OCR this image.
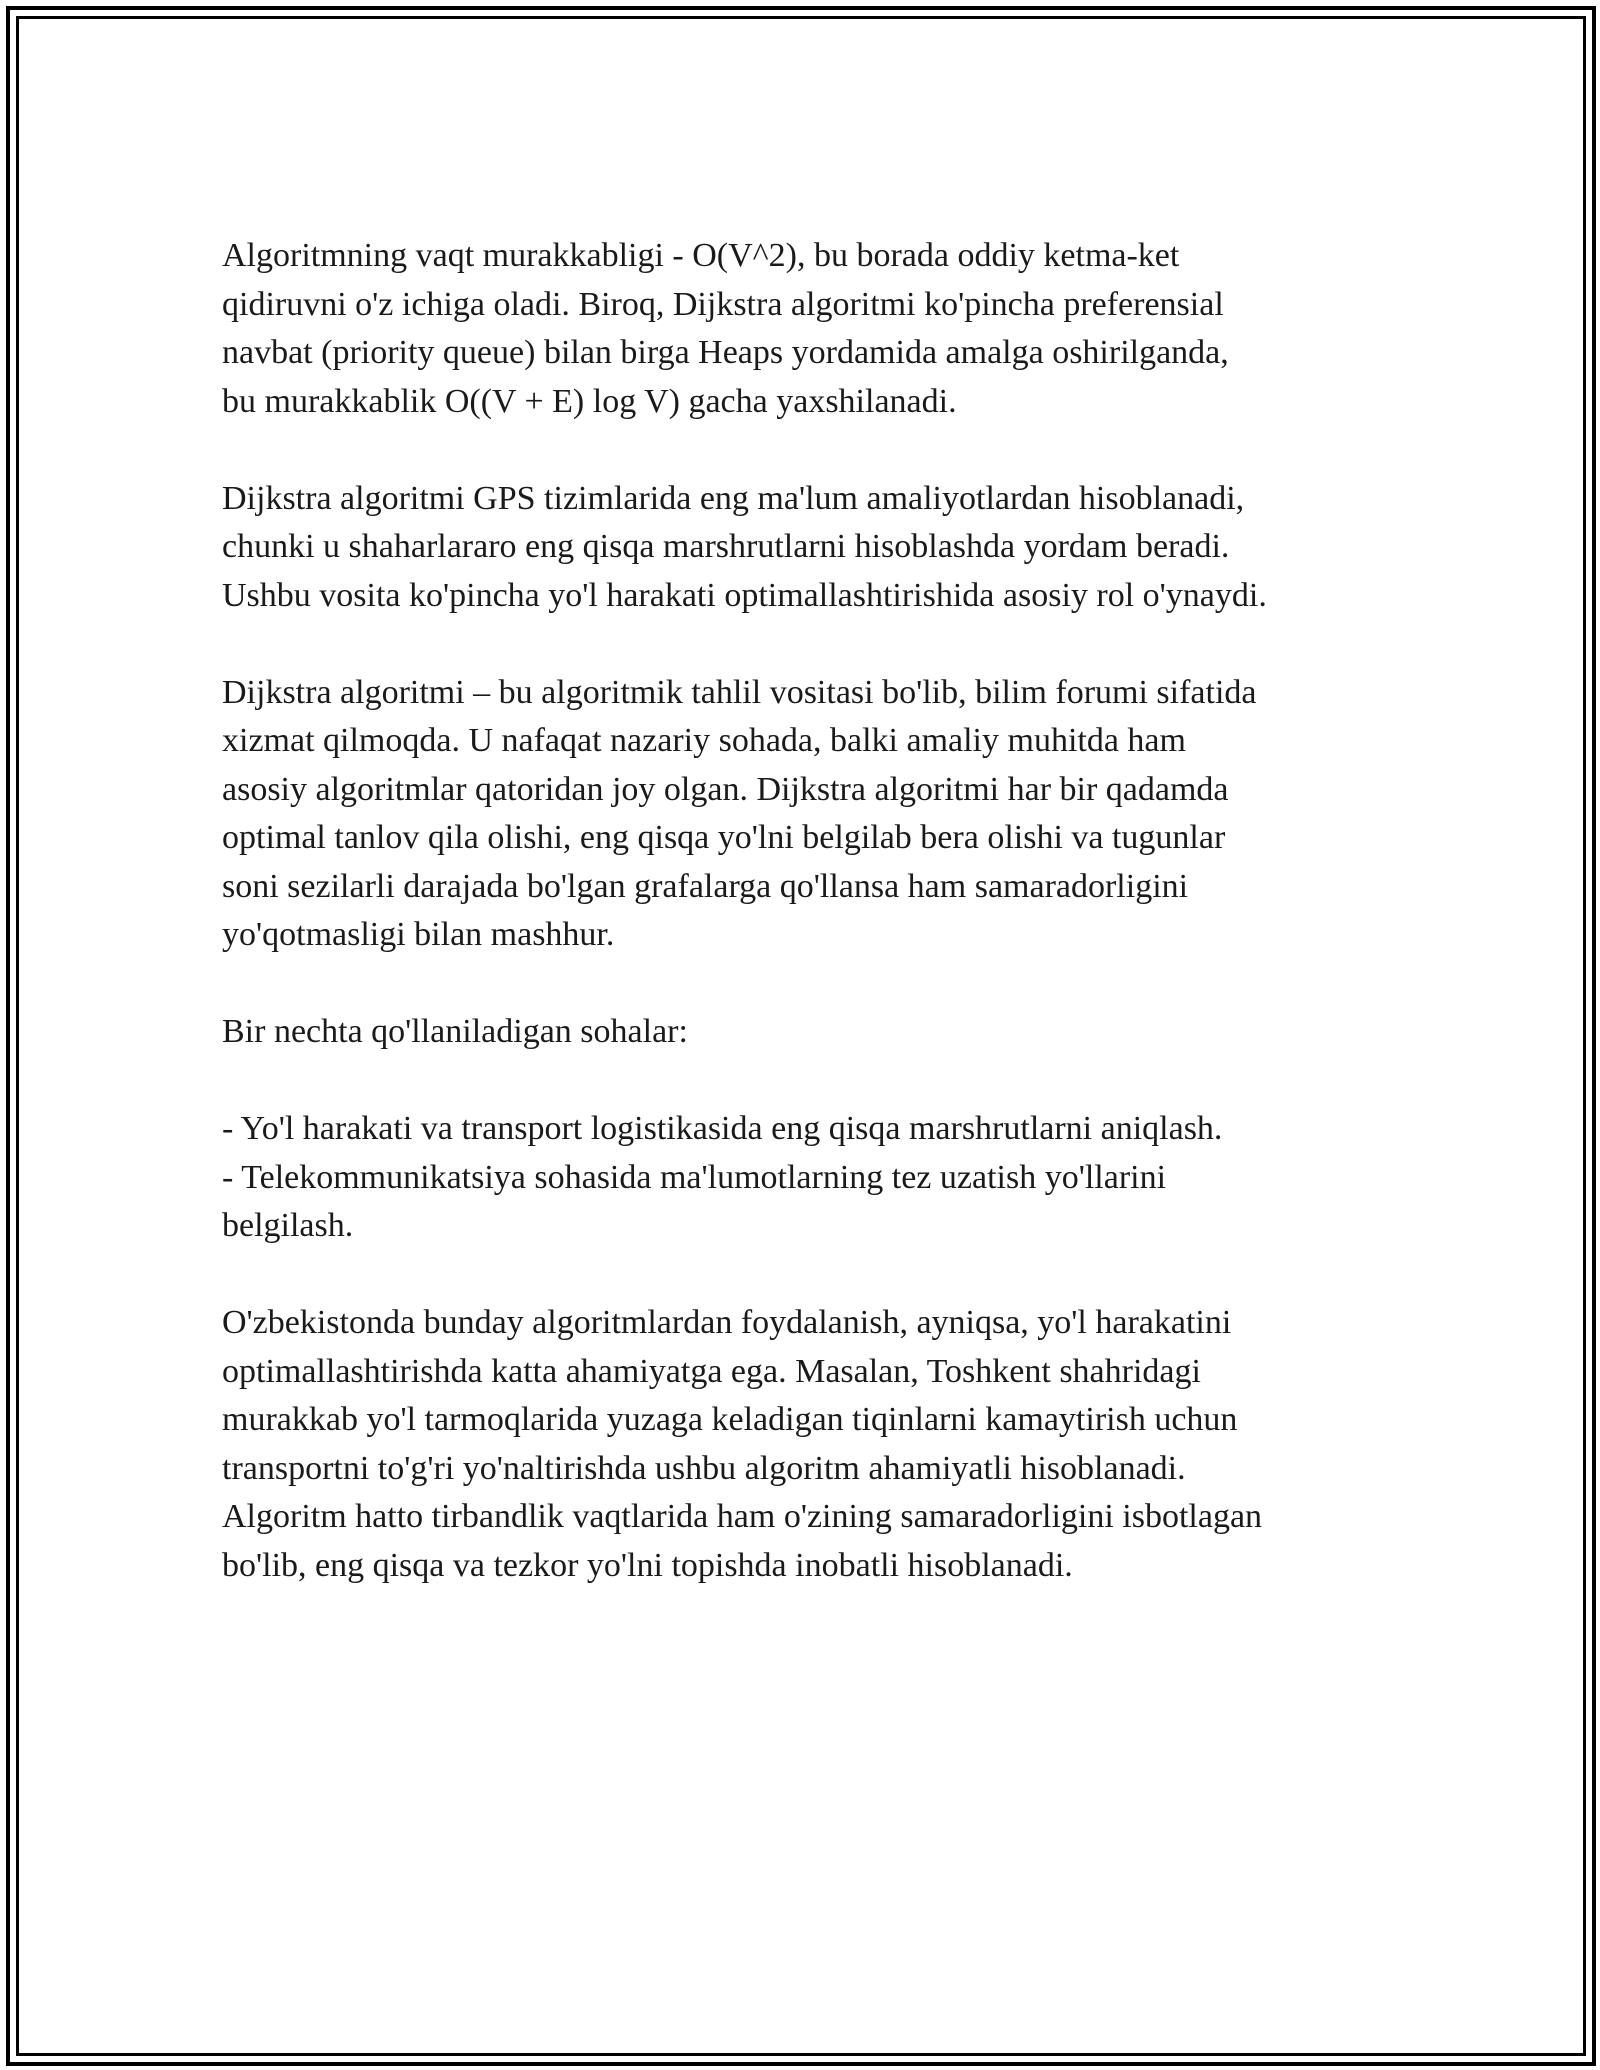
Algoritmning vaqt murakkabligi - O(V^2), bu borada oddiy ketma-ket
qidiruvni o'z ichiga oladi. Biroq, Dijkstra algoritmi ko'pincha preferensial
navbat (priority queue) bilan birga Heaps yordamida amalga oshirilganda,
bu murakkablik O((V + E) log V) gacha yaxshilanadi.

Dijkstra algoritmi GPS tizimlarida eng ma'lum amaliyotlardan hisoblanadi,
chunki u shaharlararo eng qisqa marshrutlarni hisoblashda yordam beradi.
Ushbu vosita ko'pincha yo'l harakati optimallashtirishida asosiy rol o'ynaydi.

Dijkstra algoritmi – bu algoritmik tahlil vositasi bo'lib, bilim forumi sifatida
xizmat qilmoqda. U nafaqat nazariy sohada, balki amaliy muhitda ham
asosiy algoritmlar qatoridan joy olgan. Dijkstra algoritmi har bir qadamda
optimal tanlov qila olishi, eng qisqa yo'lni belgilab bera olishi va tugunlar
soni sezilarli darajada bo'lgan grafalarga qo'llansa ham samaradorligini
yo'qotmasligi bilan mashhur.

Bir nechta qo'llaniladigan sohalar:

- Yo'l harakati va transport logistikasida eng qisqa marshrutlarni aniqlash.
- Telekommunikatsiya sohasida ma'lumotlarning tez uzatish yo'llarini
belgilash.

O'zbekistonda bunday algoritmlardan foydalanish, ayniqsa, yo'l harakatini
optimallashtirishda katta ahamiyatga ega. Masalan, Toshkent shahridagi
murakkab yo'l tarmoqlarida yuzaga keladigan tiqinlarni kamaytirish uchun
transportni to'g'ri yo'naltirishda ushbu algoritm ahamiyatli hisoblanadi.
Algoritm hatto tirbandlik vaqtlarida ham o'zining samaradorligini isbotlagan
bo'lib, eng qisqa va tezkor yo'lni topishda inobatli hisoblanadi.
